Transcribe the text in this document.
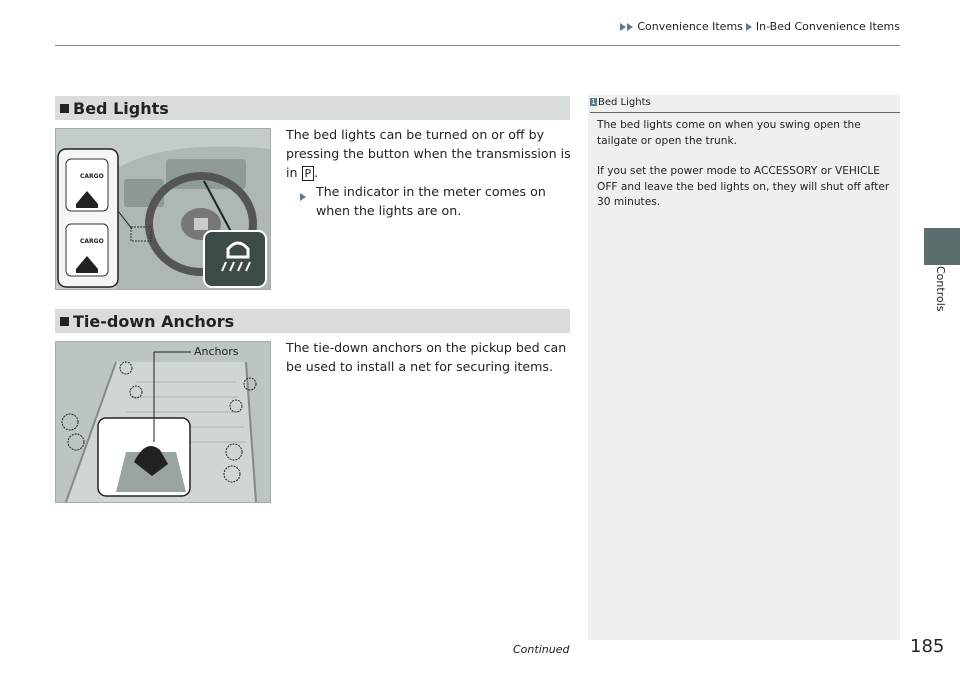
Convenience Items In-Bed Convenience Items
Bed Lights
CARGO
CARGO
The bed lights can be turned on or off by pressing the button when the transmission is in P .
The indicator in the meter comes on when the lights are on.
Tie-down Anchors
Anchors	The tie-down anchors on the pickup bed can be used to install a net for securing items.
1 Bed Lights
The bed lights come on when you swing open the tailgate or open the trunk.
If you set the power mode to ACCESSORY or VEHICLE OFF and leave the bed lights on, they will shut off after 30 minutes.
Controls
Continued	185
